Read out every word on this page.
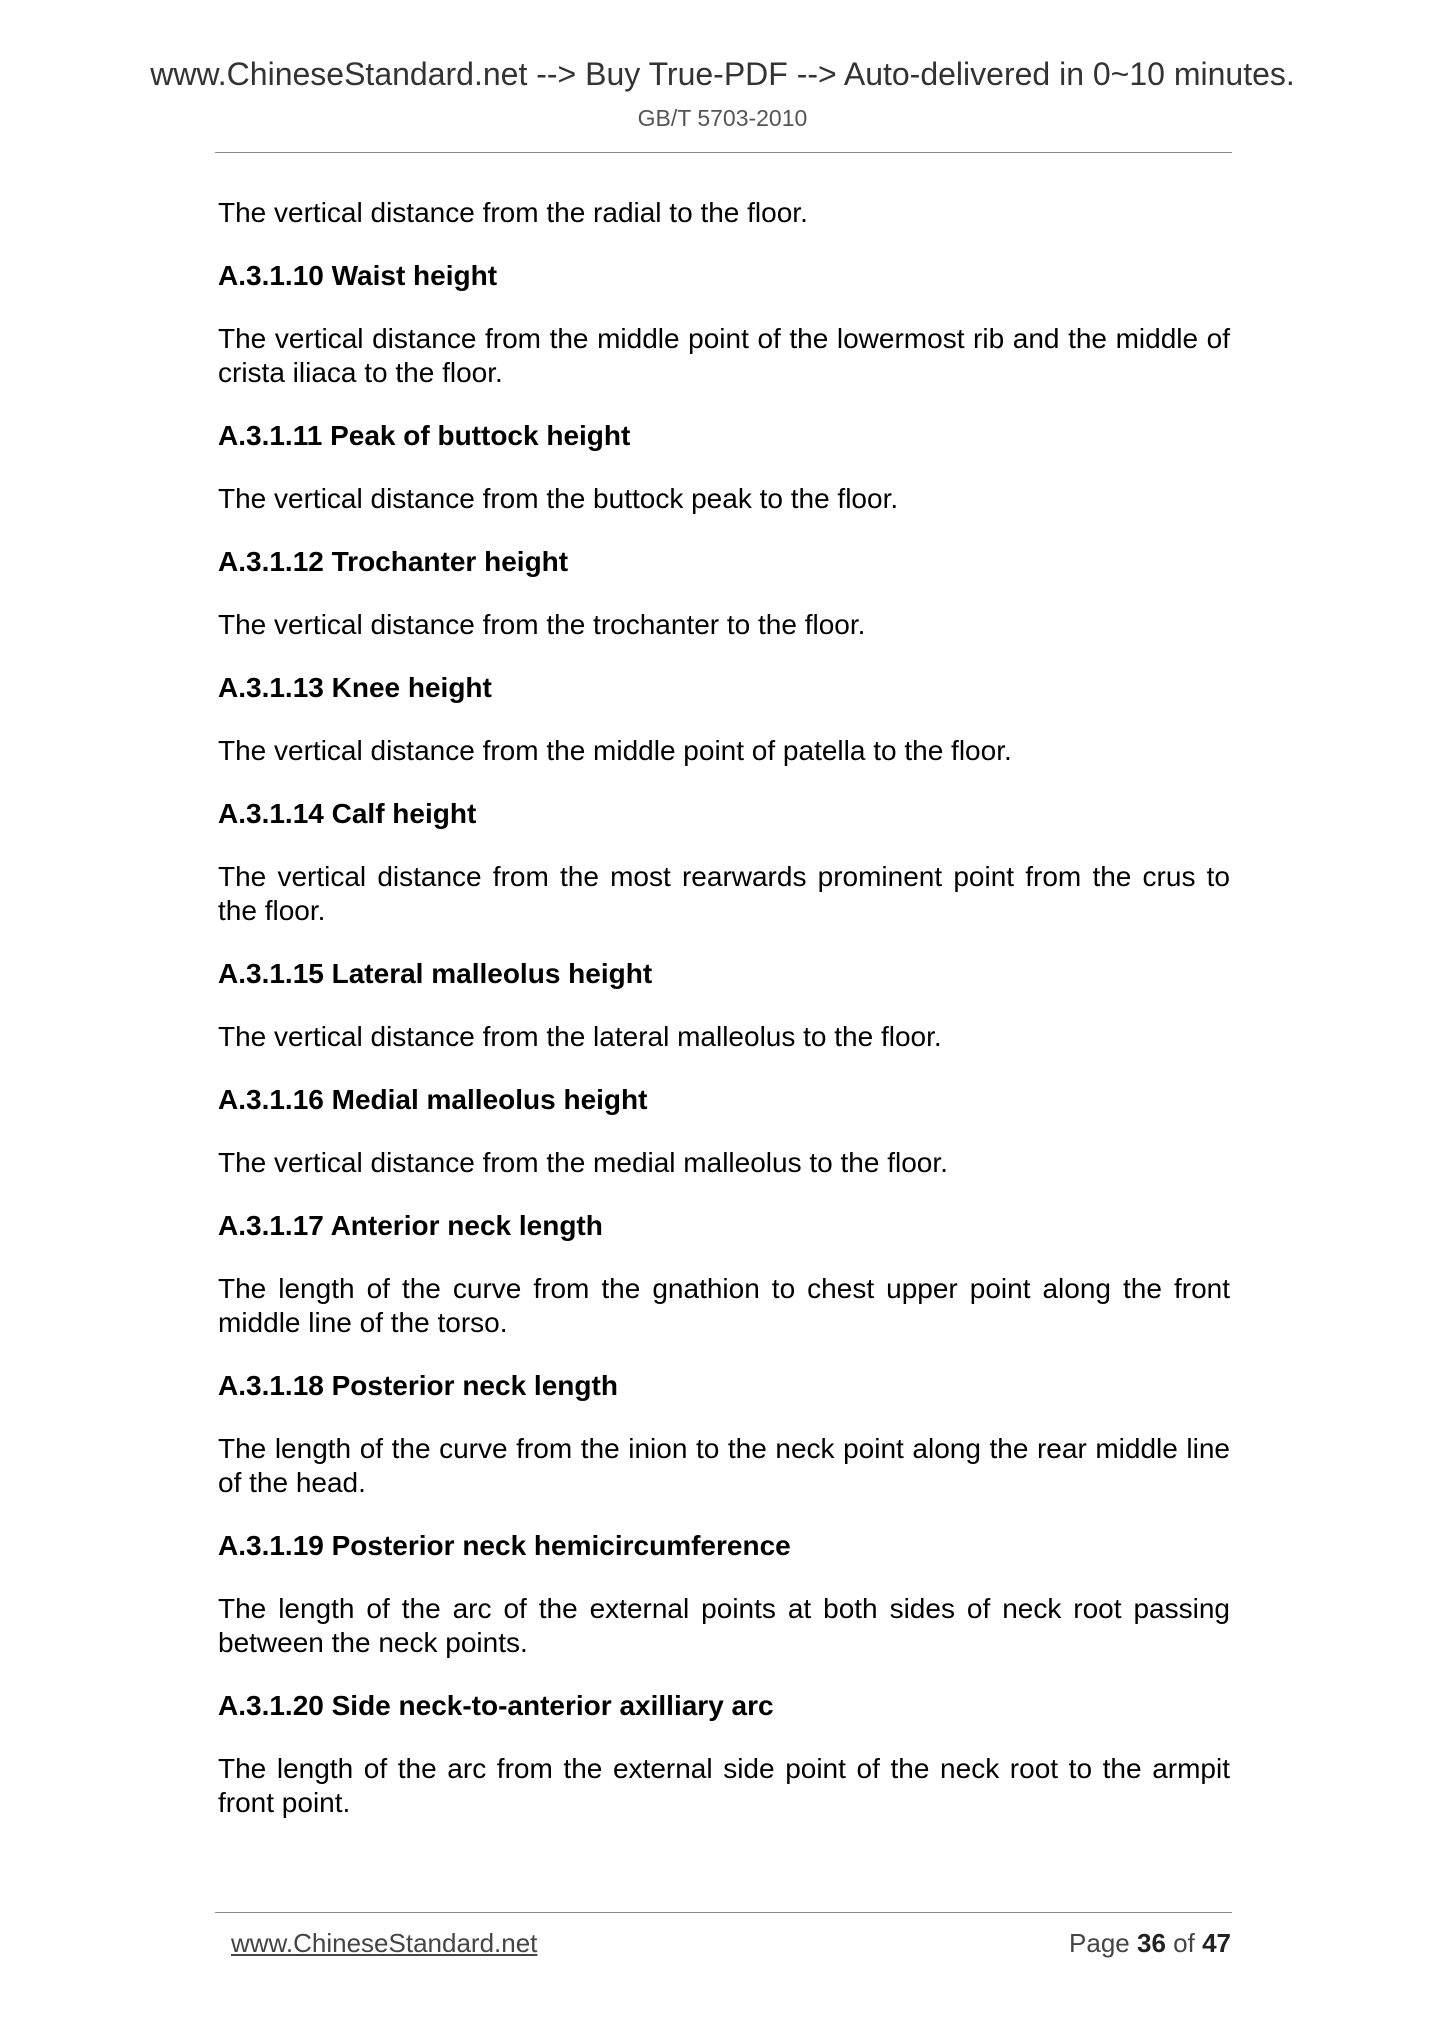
www.ChineseStandard.net --> Buy True-PDF --> Auto-delivered in 0~10 minutes.
GB/T 5703-2010

The vertical distance from the radial to the floor.

A.3.1.10 Waist height

The vertical distance from the middle point of the lowermost rib and the middle of crista iliaca to the floor.

A.3.1.11 Peak of buttock height

The vertical distance from the buttock peak to the floor.

A.3.1.12 Trochanter height

The vertical distance from the trochanter to the floor.

A.3.1.13 Knee height

The vertical distance from the middle point of patella to the floor.

A.3.1.14 Calf height

The vertical distance from the most rearwards prominent point from the crus to the floor.

A.3.1.15 Lateral malleolus height

The vertical distance from the lateral malleolus to the floor.

A.3.1.16 Medial malleolus height

The vertical distance from the medial malleolus to the floor.

A.3.1.17 Anterior neck length

The length of the curve from the gnathion to chest upper point along the front middle line of the torso.

A.3.1.18 Posterior neck length

The length of the curve from the inion to the neck point along the rear middle line of the head.

A.3.1.19 Posterior neck hemicircumference

The length of the arc of the external points at both sides of neck root passing between the neck points.

A.3.1.20 Side neck-to-anterior axilliary arc

The length of the arc from the external side point of the neck root to the armpit front point.

www.ChineseStandard.net	Page 36 of 47
